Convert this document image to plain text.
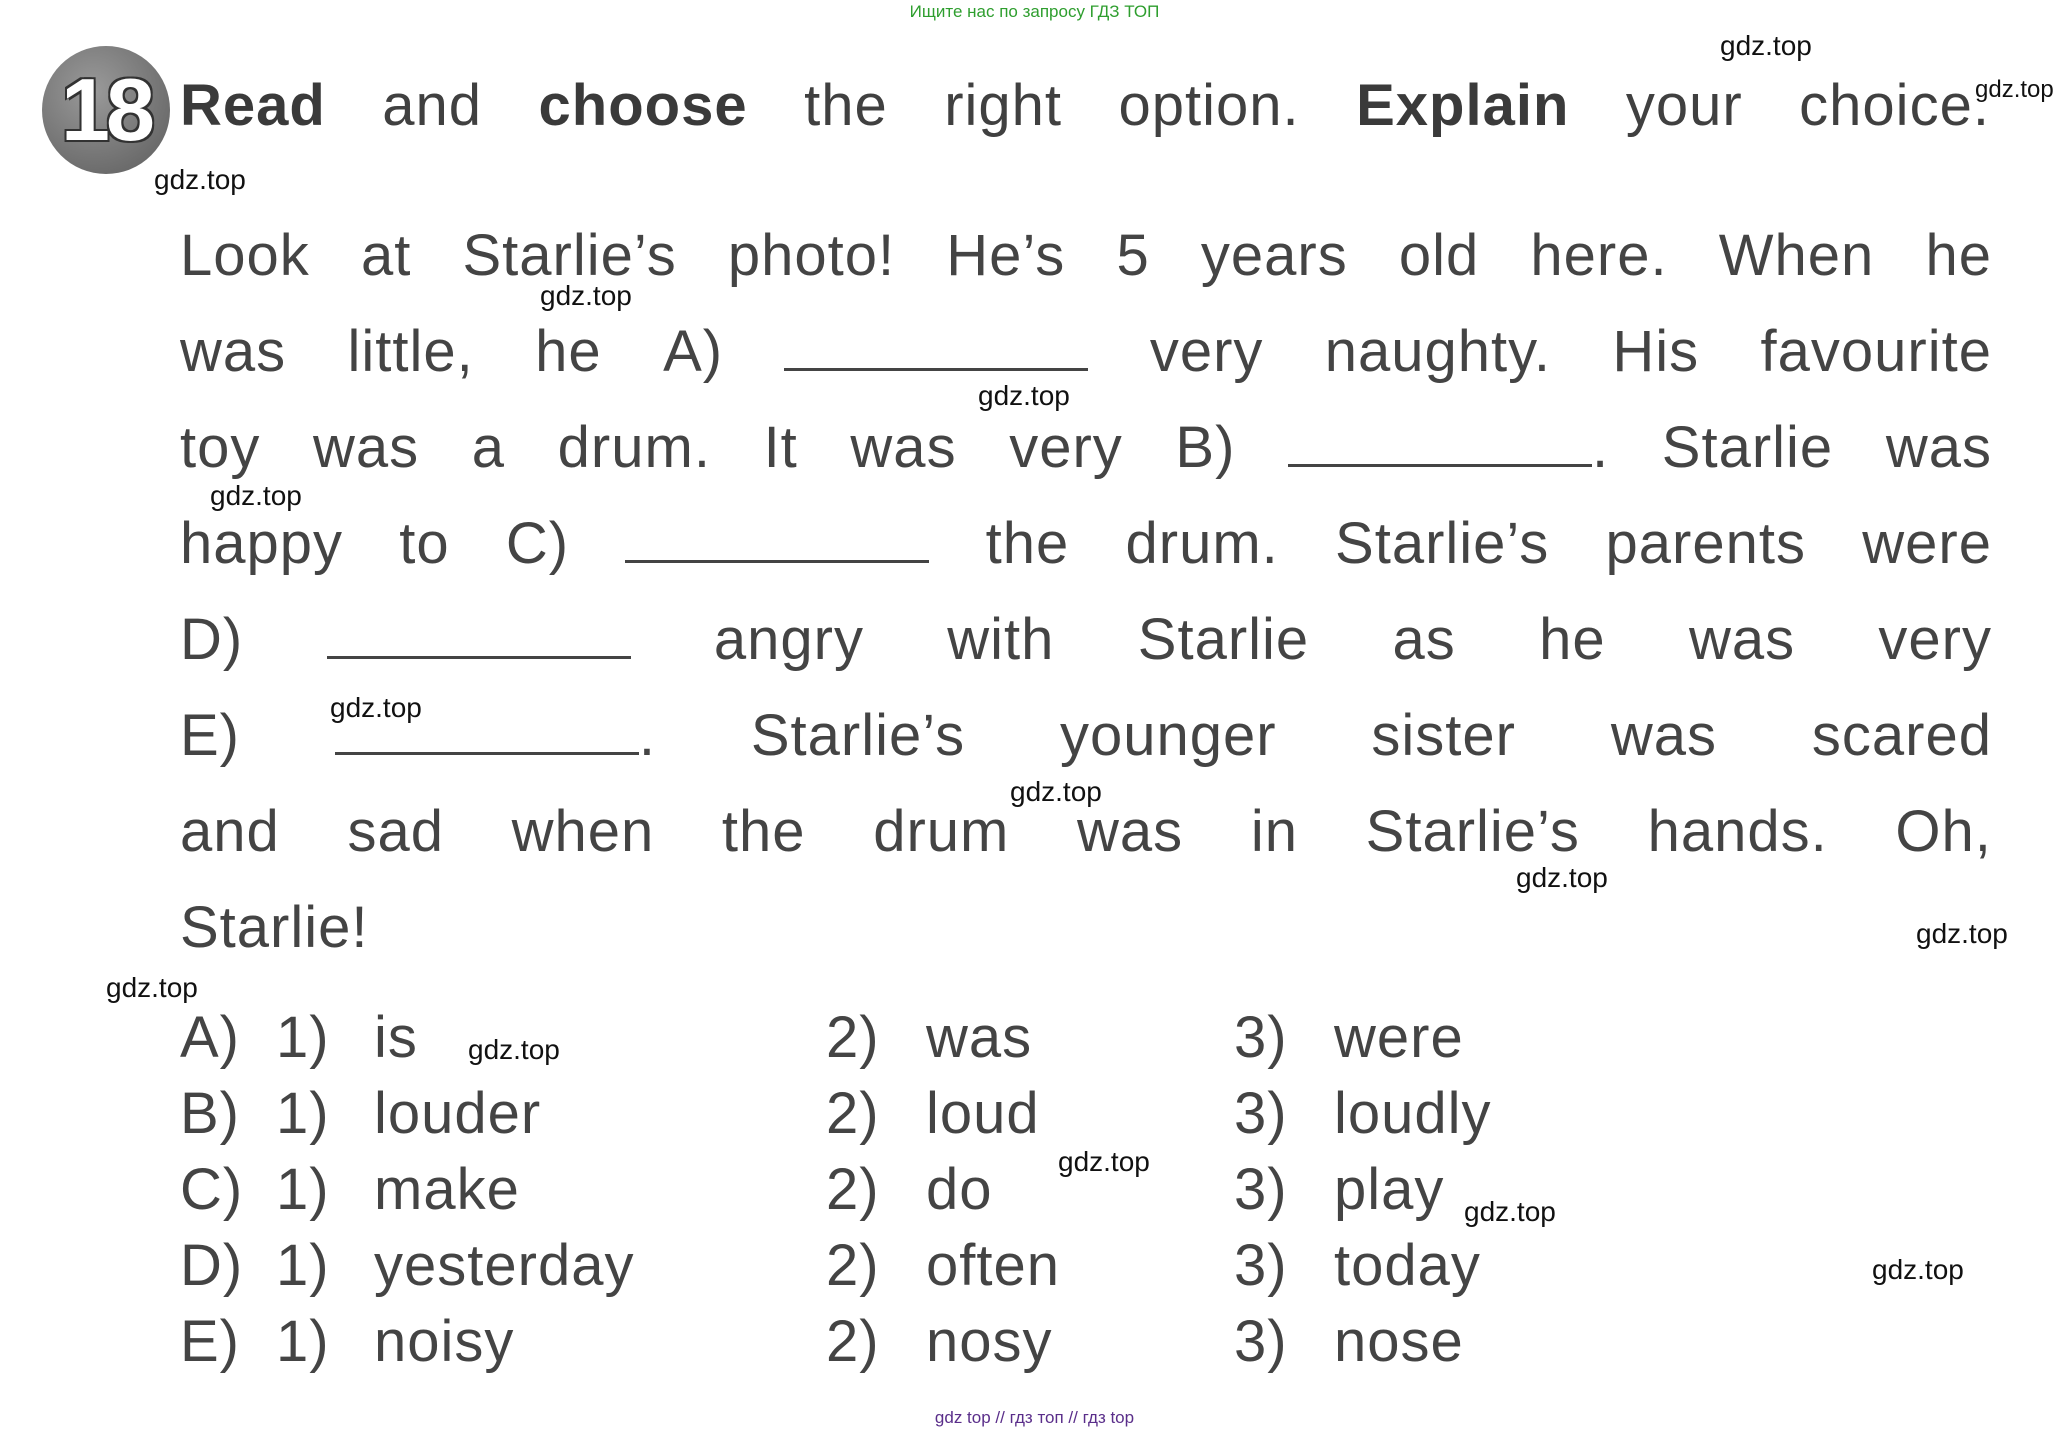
Ищите нас по запросу ГДЗ ТОП
18 Read and choose the right option. Explain your choice.
Look at Starlie’s photo! He’s 5 years old here. When he
was little, he A)	very naughty. His favourite
toy was a drum. It was very B)	. Starlie was
happy to C)	the drum. Starlie’s parents were
D)	angry with Starlie as he was very
E)	. Starlie’s younger sister was scared
and sad when the drum was in Starlie’s hands. Oh,
Starlie!
A) 1) is	2) was	3) were
B) 1) louder	2) loud	3) loudly
C) 1) make	2) do	3) play
D) 1) yesterday	2) often	3) today
E) 1) noisy	2) nosy	3) nose
gdz.top
gdz.top
gdz.top
gdz.top
gdz.top
gdz.top
gdz.top
gdz.top
gdz.top
gdz.top
gdz.top
gdz.top
gdz.top
gdz.top
gdz.top
gdz top // гдз топ // гдз top
